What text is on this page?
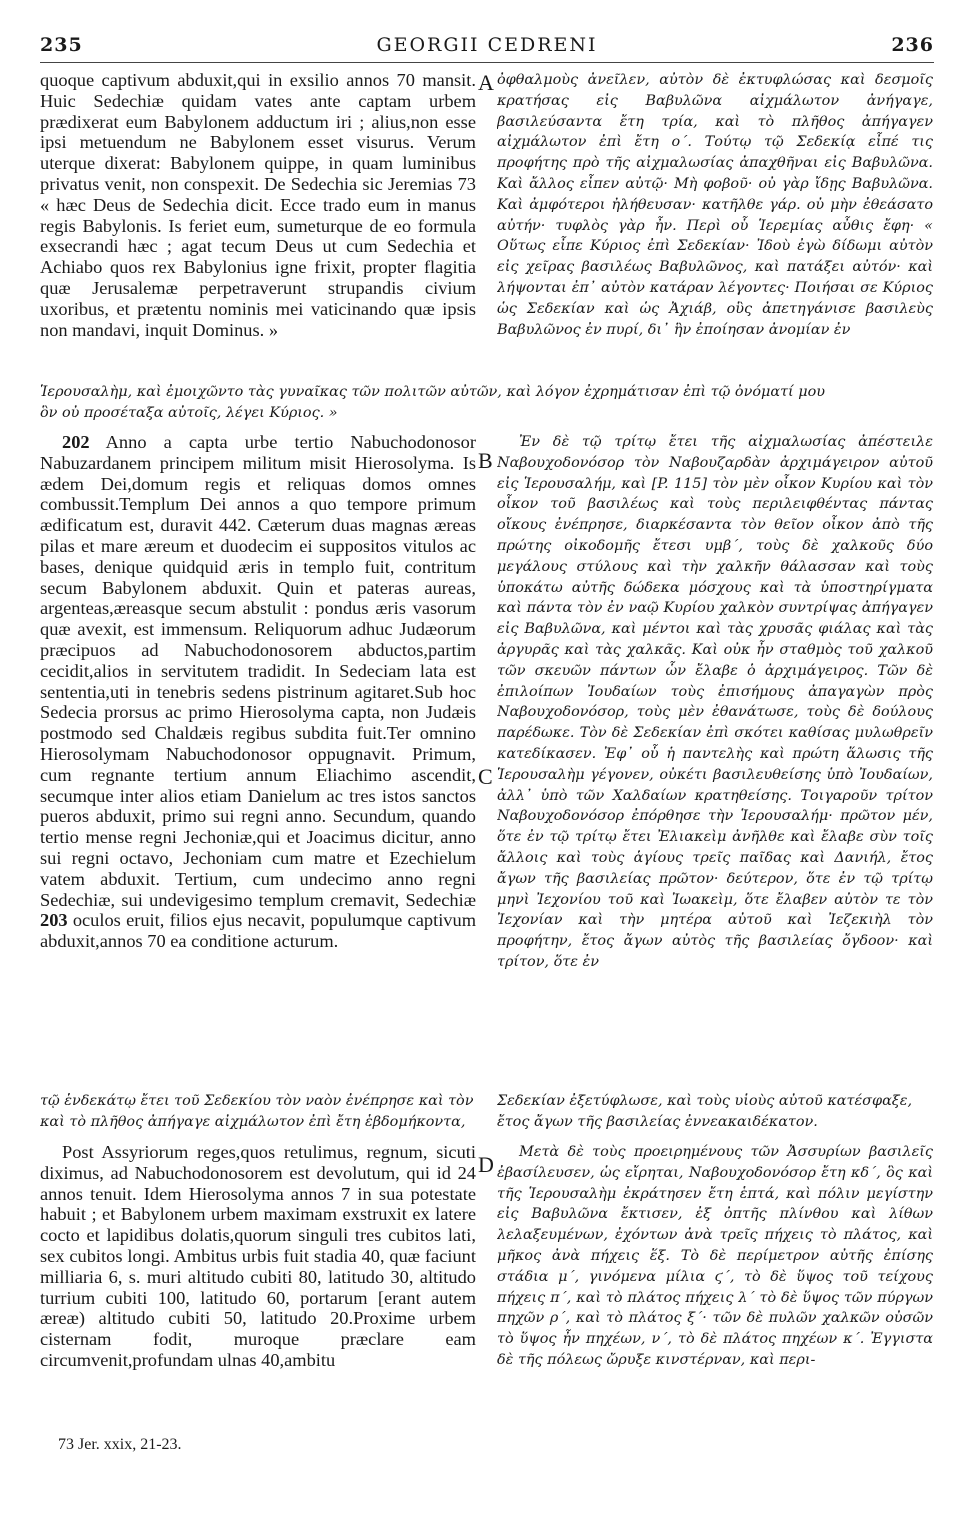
235	GEORGII CEDRENI	236
quoque captivum abduxit,qui in exsilio annos 70 mansit. Huic Sedechiæ quidam vates ante captam urbem prædixerat eum Babylonem adductum iri ; alius,non esse ipsi metuendum ne Babylonem esset visurus. Verum uterque dixerat: Babylonem quippe, in quam luminibus privatus venit, non conspexit. De Sedechia sic Jeremias 73 « hæc Deus de Sedechia dicit. Ecce trado eum in manus regis Babylonis. Is feriet eum, sumeturque de eo formula exsecrandi hæc ; agat tecum Deus ut cum Sedechia et Achiabo quos rex Babylonius igne frixit, propter flagitia quæ Jerusalemæ perpetraverunt strupandis civium uxoribus, et prætentu nominis mei vaticinando quæ ipsis non mandavi, inquit Dominus. »
A ὀφθαλμοὺς ἀνεῖλεν, αὐτὸν δὲ ἐκτυφλώσας καὶ δεσμοῖς κρατήσας εἰς Βαβυλῶνα αἰχμάλωτον ἀνήγαγε, βασιλεύσαντα ἔτη τρία, καὶ τὸ πλῆθος ἀπήγαγεν αἰχμάλωτον ἐπὶ ἔτη ο΄. Τούτῳ τῷ Σεδεκίᾳ εἶπέ τις προφήτης πρὸ τῆς αἰχμαλωσίας ἀπαχθῆναι εἰς Βαβυλῶνα. Καὶ ἄλλος εἶπεν αὐτῷ· Μὴ φοβοῦ· οὐ γὰρ ἴδῃς Βαβυλῶνα. Καὶ ἀμφότεροι ἠλήθευσαν· κατῆλθε γάρ. οὐ μὴν ἐθεάσατο αὐτήν· τυφλὸς γὰρ ἦν. Περὶ οὗ Ἱερεμίας αὖθις ἔφη· « Οὕτως εἶπε Κύριος ἐπὶ Σεδεκίαν· Ἰδοὺ ἐγὼ δίδωμι αὐτὸν εἰς χεῖρας βασιλέως Βαβυλῶνος, καὶ πατάξει αὐτόν· καὶ λήψονται ἐπ᾽ αὐτὸν κατάραν λέγοντες· Ποιήσαι σε Κύριος ὡς Σεδεκίαν καὶ ὡς Ἀχιάβ, οὓς ἀπετηγάνισε βασιλεὺς Βαβυλῶνος ἐν πυρί, δι᾽ ἣν ἐποίησαν ἀνομίαν ἐν
Ἱερουσαλὴμ, καὶ ἐμοιχῶντο τὰς γυναῖκας τῶν πολιτῶν αὐτῶν, καὶ λόγον ἐχρημάτισαν ἐπὶ τῷ ὀνόματί μου
ὃν οὐ προσέταξα αὐτοῖς, λέγει Κύριος. »
202 Anno a capta urbe tertio Nabuchodonosor Nabuzardanem principem militum misit Hierosolyma. Is ædem Dei,domum regis et reliquas domos omnes combussit.Templum Dei annos a quo tempore primum ædificatum est, duravit 442. Cæterum duas magnas æreas pilas et mare æreum et duodecim ei suppositos vitulos ac bases, denique quidquid æris in templo fuit, contritum secum Babylonem abduxit. Quin et pateras aureas, argenteas,æreasque secum abstulit : pondus æris vasorum quæ avexit, est immensum. Reliquorum adhuc Judæorum præcipuos ad Nabuchodonosorem abductos,partim cecidit,alios in servitutem tradidit. In Sedeciam lata est sententia,uti in tenebris sedens pistrinum agitaret.Sub hoc Sedecia prorsus ac primo Hierosolyma capta, non Judæis postmodo sed Chaldæis regibus subdita fuit.Ter omnino Hierosolymam Nabuchodonosor oppugnavit. Primum, cum regnante tertium annum Eliachimo ascendit, secumque inter alios etiam Danielum ac tres istos sanctos pueros abduxit, primo sui regni anno. Secundum, quando tertio mense regni Jechoniæ,qui et Joacimus dicitur, anno sui regni octavo, Jechoniam cum matre et Ezechielum vatem abduxit. Tertium, cum undecimo anno regni Sedechiæ, sui undevigesimo templum cremavit, Sedechiæ 203 oculos eruit, filios ejus necavit, populumque captivum abduxit,annos 70 ea conditione acturum.
B
C
Ἐν δὲ τῷ τρίτῳ ἔτει τῆς αἰχμαλωσίας ἀπέστειλε Ναβουχοδονόσορ τὸν Ναβουζαρδὰν ἀρχιμάγειρον αὐτοῦ εἰς Ἱερουσαλήμ, καὶ [P. 115] τὸν μὲν οἶκον Κυρίου καὶ τὸν οἶκον τοῦ βασιλέως καὶ τοὺς περιλειφθέντας πάντας οἴκους ἐνέπρησε, διαρκέσαντα τὸν θεῖον οἶκον ἀπὸ τῆς πρώτης οἰκοδομῆς ἔτεσι υμβ΄, τοὺς δὲ χαλκοῦς δύο μεγάλους στύλους καὶ τὴν χαλκῆν θάλασσαν καὶ τοὺς ὑποκάτω αὐτῆς δώδεκα μόσχους καὶ τὰ ὑποστηρίγματα καὶ πάντα τὸν ἐν ναῷ Κυρίου χαλκὸν συντρίψας ἀπήγαγεν εἰς Βαβυλῶνα, καὶ μέντοι καὶ τὰς χρυσᾶς φιάλας καὶ τὰς ἀργυρᾶς καὶ τὰς χαλκᾶς. Καὶ οὐκ ἦν σταθμὸς τοῦ χαλκοῦ τῶν σκευῶν πάντων ὧν ἔλαβε ὁ ἀρχιμάγειρος. Τῶν δὲ ἐπιλοίπων Ἰουδαίων τοὺς ἐπισήμους ἀπαγαγὼν πρὸς Ναβουχοδονόσορ, τοὺς μὲν ἐθανάτωσε, τοὺς δὲ δούλους παρέδωκε. Τὸν δὲ Σεδεκίαν ἐπὶ σκότει καθίσας μυλωθρεῖν κατεδίκασεν. Ἐφ᾽ οὗ ἡ παντελὴς καὶ πρώτη ἅλωσις τῆς Ἱερουσαλὴμ γέγονεν, οὐκέτι βασιλευθείσης ὑπὸ Ἰουδαίων, ἀλλ᾽ ὑπὸ τῶν Χαλδαίων κρατηθείσης. Τοιγαροῦν τρίτον Ναβουχοδονόσορ ἐπόρθησε τὴν Ἱερουσαλήμ· πρῶτον μέν, ὅτε ἐν τῷ τρίτῳ ἔτει Ἐλιακεὶμ ἀνῆλθε καὶ ἔλαβε σὺν τοῖς ἄλλοις καὶ τοὺς ἁγίους τρεῖς παῖδας καὶ Δανιήλ, ἔτος ἄγων τῆς βασιλείας πρῶτον· δεύτερον, ὅτε ἐν τῷ τρίτῳ μηνὶ Ἰεχονίου τοῦ καὶ Ἰωακεὶμ, ὅτε ἔλαβεν αὐτὸν τε τὸν Ἰεχονίαν καὶ τὴν μητέρα αὐτοῦ καὶ Ἰεζεκιὴλ τὸν προφήτην, ἔτος ἄγων αὐτὸς τῆς βασιλείας ὄγδοον· καὶ τρίτον, ὅτε ἐν
τῷ ἑνδεκάτῳ ἔτει τοῦ Σεδεκίου τὸν ναὸν ἐνέπρησε καὶ τὸν Σεδεκίαν ἐξετύφλωσε, καὶ τοὺς υἱοὺς αὐτοῦ κατέσφαξε,
καὶ τὸ πλῆθος ἀπήγαγε αἰχμάλωτον ἐπὶ ἔτη ἑβδομήκοντα,	ἔτος ἄγων τῆς βασιλείας ἐννεακαιδέκατον.
Post Assyriorum reges,quos retulimus, regnum, sicuti diximus, ad Nabuchodonosorem est devolutum, qui id 24 annos tenuit. Idem Hierosolyma annos 7 in sua potestate habuit ; et Babylonem urbem maximam exstruxit ex latere cocto et lapidibus dolatis,quorum singuli tres cubitos lati, sex cubitos longi. Ambitus urbis fuit stadia 40, quæ faciunt milliaria 6, s. muri altitudo cubiti 80, latitudo 30, altitudo turrium cubiti 100, latitudo 60, portarum [erant autem æreæ) altitudo cubiti 50, latitudo 20.Proxime urbem cisternam fodit, muroque præclare eam circumvenit,profundam ulnas 40,ambitu
D	Μετὰ δὲ τοὺς προειρημένους τῶν Ἀσσυρίων βασιλεῖς ἐβασίλευσεν, ὡς εἴρηται, Ναβουχοδονόσορ ἔτη κδ΄, ὃς καὶ τῆς Ἱερουσαλὴμ ἐκράτησεν ἔτη ἑπτά, καὶ πόλιν μεγίστην εἰς Βαβυλῶνα ἔκτισεν, ἐξ ὀπτῆς πλίνθου καὶ λίθων λελαξευμένων, ἐχόντων ἀνὰ τρεῖς πήχεις τὸ πλάτος, καὶ μῆκος ἀνὰ πήχεις ἕξ. Τὸ δὲ περίμετρον αὐτῆς ἐπίσης στάδια μ΄, γινόμενα μίλια ϛ΄, τὸ δὲ ὕψος τοῦ τείχους πήχεις π΄, καὶ τὸ πλάτος πήχεις λ΄ τὸ δὲ ὕψος τῶν πύργων πηχῶν ρ΄, καὶ τὸ πλάτος ξ΄· τῶν δὲ πυλῶν χαλκῶν οὐσῶν τὸ ὕψος ἦν πηχέων, ν΄, τὸ δὲ πλάτος πηχέων κ΄. Ἐγγιστα δὲ τῆς πόλεως ὤρυξε κινστέρναν, καὶ περι-
73 Jer. xxix, 21-23.
